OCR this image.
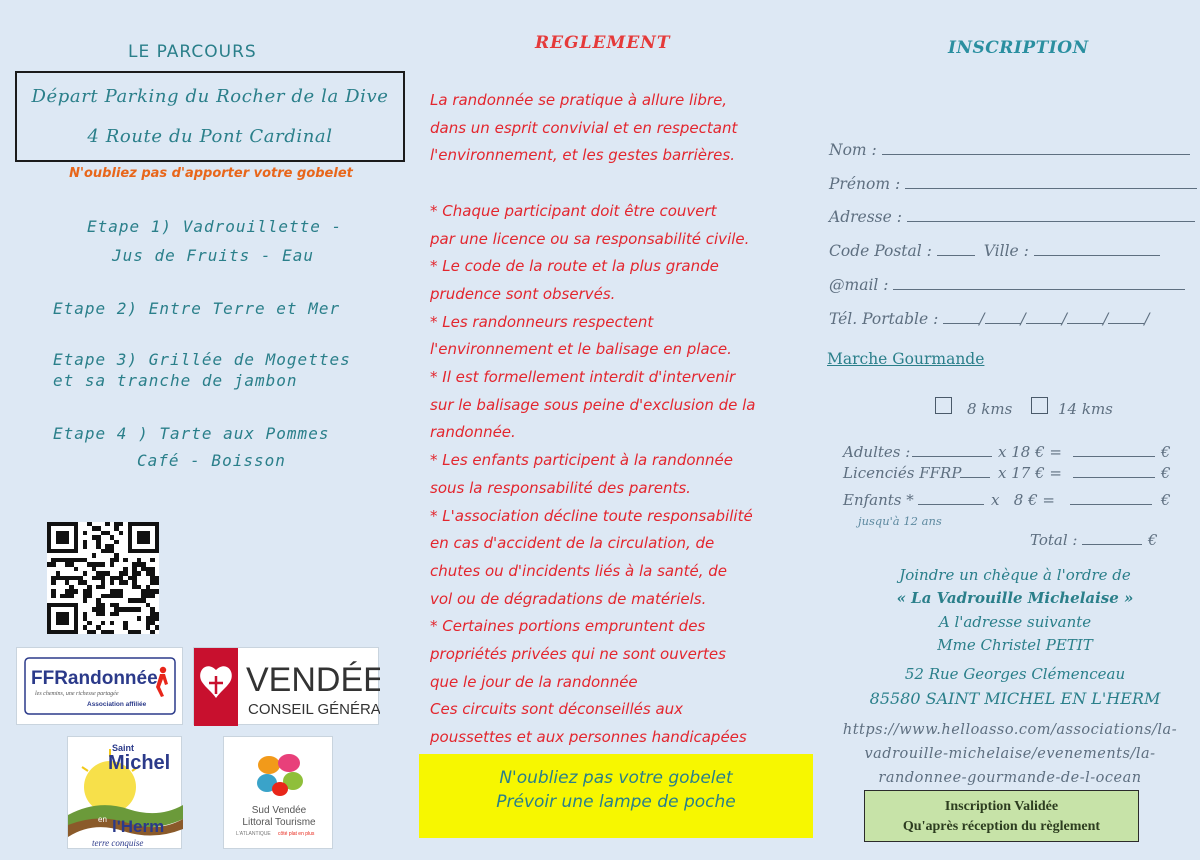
LE PARCOURS
Départ Parking du Rocher de la Dive
4 Route du Pont Cardinal
N'oubliez pas d'apporter votre gobelet
Etape 1) Vadrouillette -
Jus de Fruits - Eau
Etape 2) Entre Terre et Mer
Etape 3) Grillée de Mogettes
et sa tranche de jambon
Etape 4 ) Tarte aux Pommes
Café - Boisson
FFRandonnée
les chemins, une richesse partagée
Association affiliée
VENDÉE
CONSEIL GÉNÉRAL
Saint
Michel
en l'Herm
terre conquise
Sud Vendée
Littoral Tourisme
L'ATLANTIQUE côté plat en plus
REGLEMENT
La randonnée se pratique à allure libre,
dans un esprit convivial et en respectant
l'environnement, et les gestes barrières.
* Chaque participant doit être couvert
par une licence ou sa responsabilité civile.
* Le code de la route et la plus grande
prudence sont observés.
* Les randonneurs respectent
l'environnement et le balisage en place.
* Il est formellement interdit d'intervenir
sur le balisage sous peine d'exclusion de la
randonnée.
* Les enfants participent à la randonnée
sous la responsabilité des parents.
* L'association décline toute responsabilité
en cas d'accident de la circulation, de
chutes ou d'incidents liés à la santé, de
vol ou de dégradations de matériels.
* Certaines portions empruntent des
propriétés privées qui ne sont ouvertes
que le jour de la randonnée
Ces circuits sont déconseillés aux
poussettes et aux personnes handicapées
N'oubliez pas votre gobelet
Prévoir une lampe de poche
INSCRIPTION
Nom :
Prénom :
Adresse :
Code Postal :	Ville :
@mail :
Tél. Portable :	/ / / / /
Marche Gourmande
8 kms	14 kms
Adultes :	x 18 € =	€
Licenciés FFRP x 17 € =	€
Enfants *	x   8 € =	€
jusqu'à 12 ans
Total :	€
Joindre un chèque à l'ordre de
« La Vadrouille Michelaise »
A l'adresse suivante
Mme Christel PETIT
52 Rue Georges Clémenceau
85580 SAINT MICHEL EN L'HERM
https://www.helloasso.com/associations/la-
vadrouille-michelaise/evenements/la-
randonnee-gourmande-de-l-ocean
Inscription Validée
Qu'après réception du règlement
